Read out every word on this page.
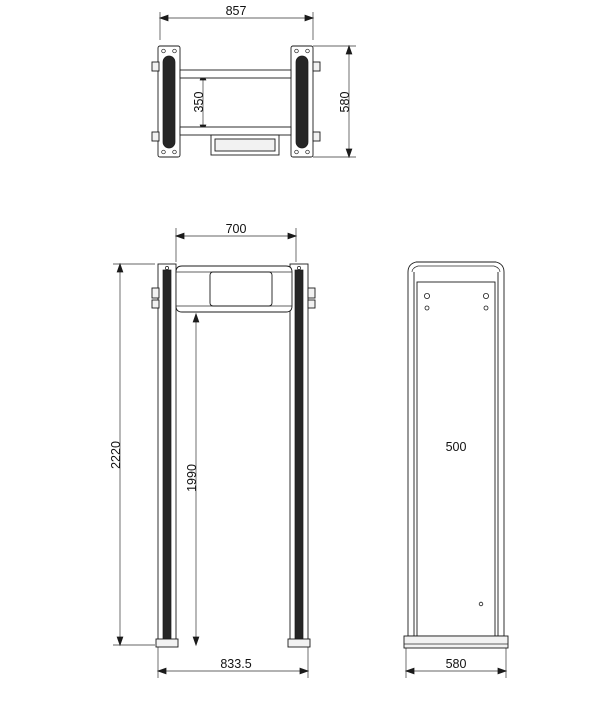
857
350	580
700
2220
1990
833.5
500
580
